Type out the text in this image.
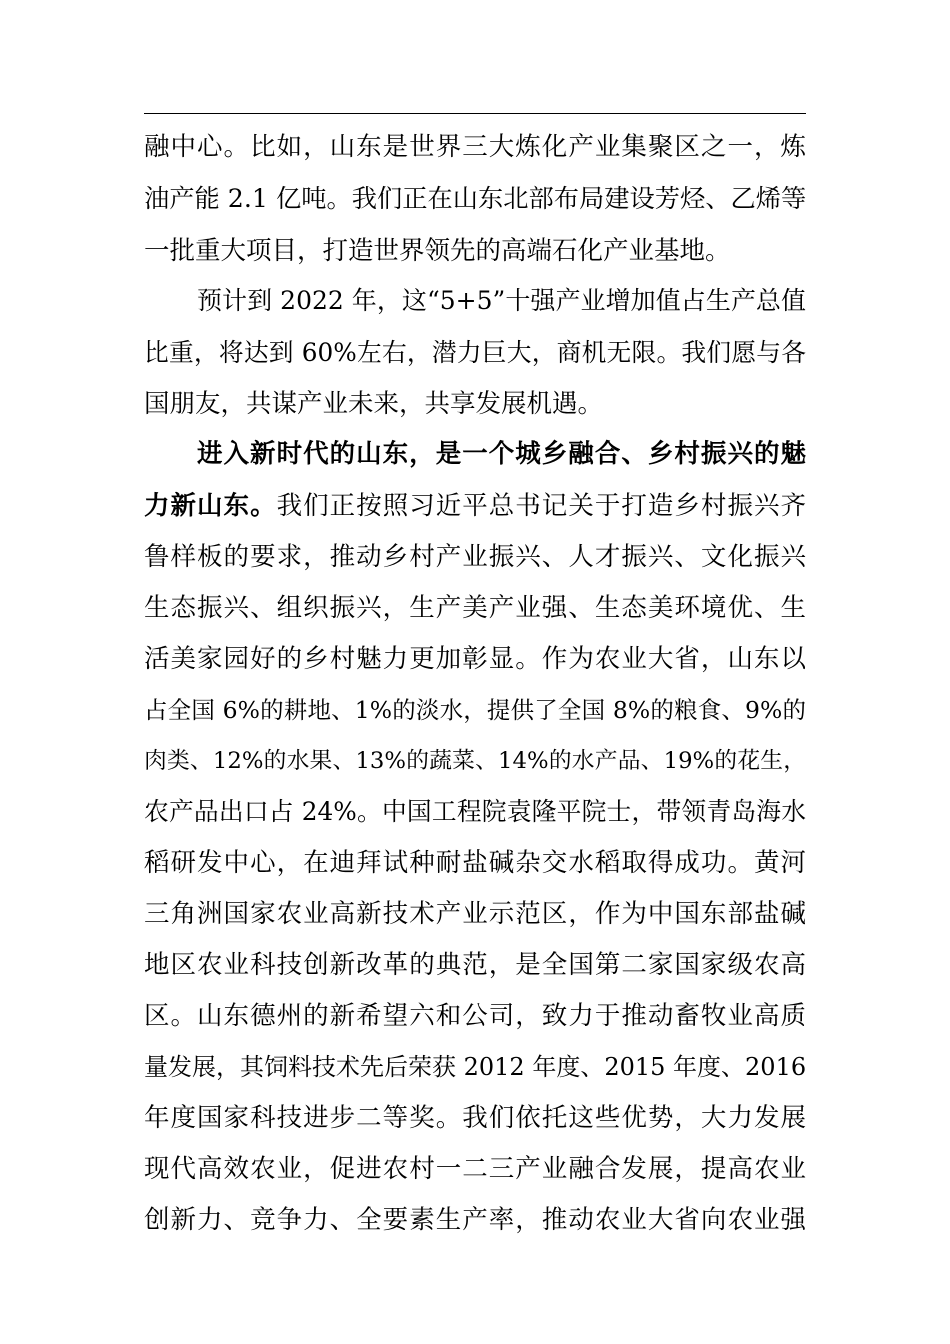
融中心。比如，山东是世界三大炼化产业集聚区之一，炼
油产能 2.1 亿吨。我们正在山东北部布局建设芳烃、乙烯等
一批重大项目，打造世界领先的高端石化产业基地。
预计到 2022 年，这“5+5”十强产业增加值占生产总值
比重，将达到 60%左右，潜力巨大，商机无限。我们愿与各
国朋友，共谋产业未来，共享发展机遇。
进入新时代的山东，是一个城乡融合、乡村振兴的魅
力新山东。我们正按照习近平总书记关于打造乡村振兴齐
鲁样板的要求，推动乡村产业振兴、人才振兴、文化振兴
生态振兴、组织振兴，生产美产业强、生态美环境优、生
活美家园好的乡村魅力更加彰显。作为农业大省，山东以
占全国 6%的耕地、1%的淡水，提供了全国 8%的粮食、9%的
肉类、12%的水果、13%的蔬菜、14%的水产品、19%的花生，
农产品出口占 24%。中国工程院袁隆平院士，带领青岛海水
稻研发中心，在迪拜试种耐盐碱杂交水稻取得成功。黄河
三角洲国家农业高新技术产业示范区，作为中国东部盐碱
地区农业科技创新改革的典范，是全国第二家国家级农高
区。山东德州的新希望六和公司，致力于推动畜牧业高质
量发展，其饲料技术先后荣获 2012 年度、2015 年度、2016
年度国家科技进步二等奖。我们依托这些优势，大力发展
现代高效农业，促进农村一二三产业融合发展，提高农业
创新力、竞争力、全要素生产率，推动农业大省向农业强
